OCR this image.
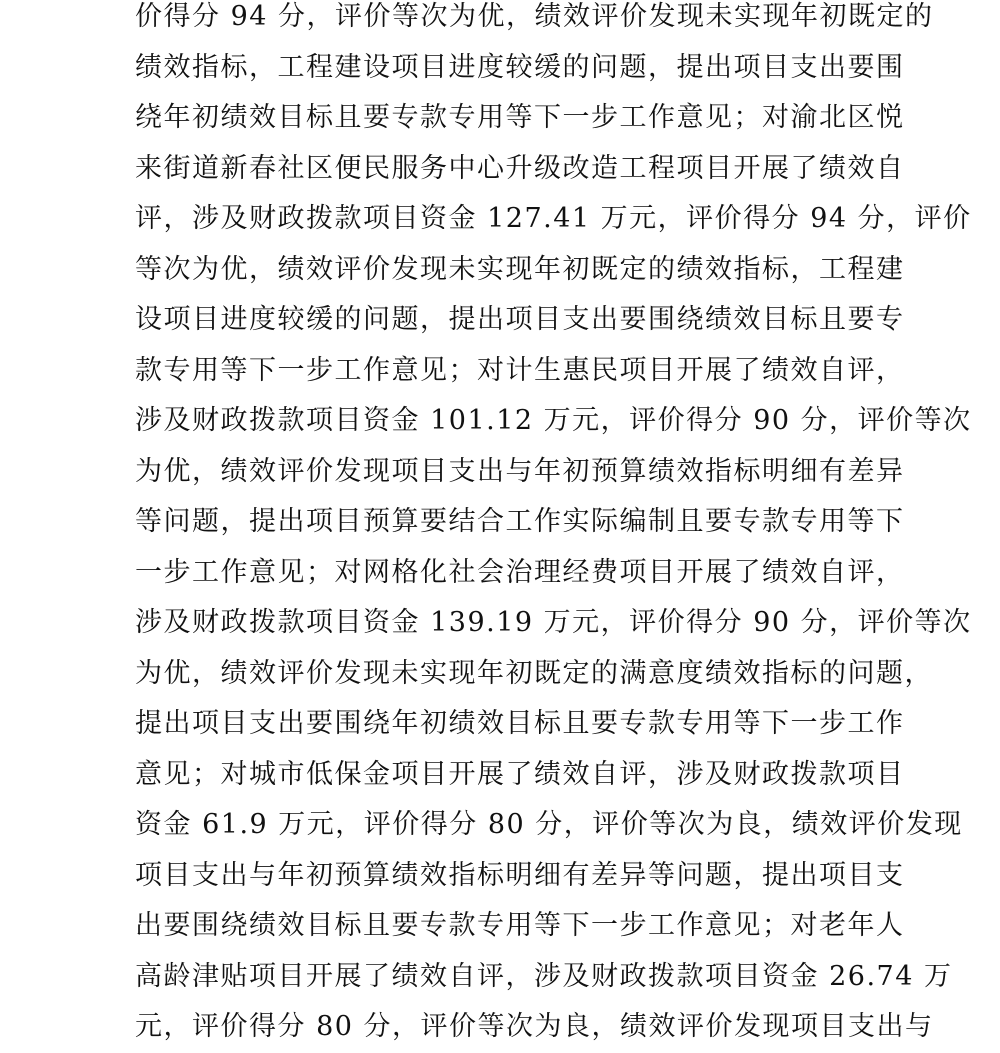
价得分 94 分，评价等次为优，绩效评价发现未实现年初既定的
绩效指标，工程建设项目进度较缓的问题，提出项目支出要围
绕年初绩效目标且要专款专用等下一步工作意见；对渝北区悦
来街道新春社区便民服务中心升级改造工程项目开展了绩效自
评，涉及财政拨款项目资金 127.41 万元，评价得分 94 分，评价
等次为优，绩效评价发现未实现年初既定的绩效指标，工程建
设项目进度较缓的问题，提出项目支出要围绕绩效目标且要专
款专用等下一步工作意见；对计生惠民项目开展了绩效自评，
涉及财政拨款项目资金 101.12 万元，评价得分 90 分，评价等次
为优，绩效评价发现项目支出与年初预算绩效指标明细有差异
等问题，提出项目预算要结合工作实际编制且要专款专用等下
一步工作意见；对网格化社会治理经费项目开展了绩效自评，
涉及财政拨款项目资金 139.19 万元，评价得分 90 分，评价等次
为优，绩效评价发现未实现年初既定的满意度绩效指标的问题，
提出项目支出要围绕年初绩效目标且要专款专用等下一步工作
意见；对城市低保金项目开展了绩效自评，涉及财政拨款项目
资金 61.9 万元，评价得分 80 分，评价等次为良，绩效评价发现
项目支出与年初预算绩效指标明细有差异等问题，提出项目支
出要围绕绩效目标且要专款专用等下一步工作意见；对老年人
高龄津贴项目开展了绩效自评，涉及财政拨款项目资金 26.74 万
元，评价得分 80 分，评价等次为良，绩效评价发现项目支出与
